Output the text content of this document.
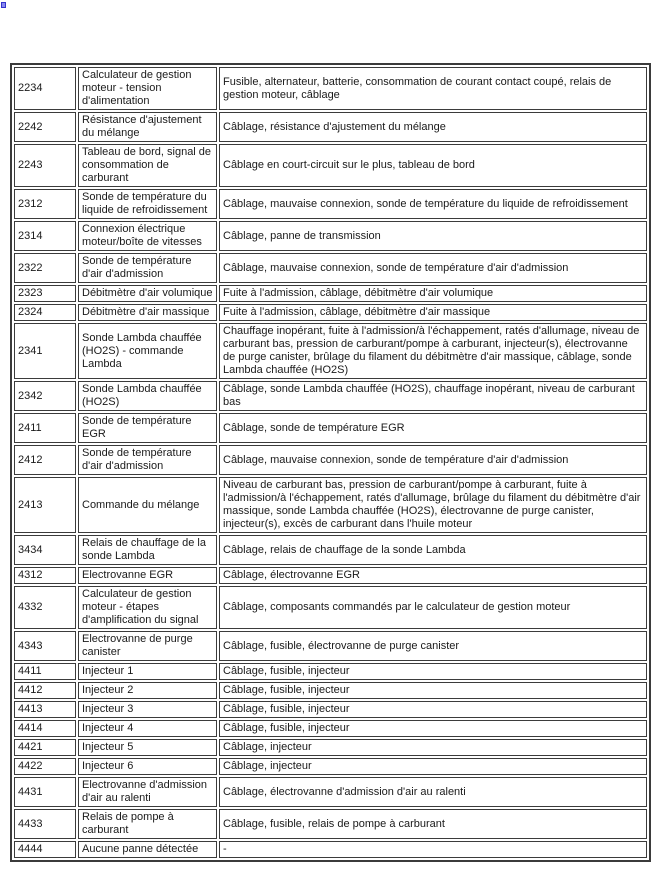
2234	Calculateur de gestion moteur - tension d'alimentation	Fusible, alternateur, batterie, consommation de courant contact coupé, relais de gestion moteur, câblage
2242	Résistance d'ajustement du mélange	Câblage, résistance d'ajustement du mélange
2243	Tableau de bord, signal de consommation de carburant	Câblage en court-circuit sur le plus, tableau de bord
2312	Sonde de température du liquide de refroidissement	Câblage, mauvaise connexion, sonde de température du liquide de refroidissement
2314	Connexion électrique moteur/boîte de vitesses	Câblage, panne de transmission
2322	Sonde de température d'air d'admission	Câblage, mauvaise connexion, sonde de température d'air d'admission
2323	Débitmètre d'air volumique	Fuite à l'admission, câblage, débitmètre d'air volumique
2324	Débitmètre d'air massique	Fuite à l'admission, câblage, débitmètre d'air massique
2341	Sonde Lambda chauffée (HO2S) - commande Lambda	Chauffage inopérant, fuite à l'admission/à l'échappement, ratés d'allumage, niveau de carburant bas, pression de carburant/pompe à carburant, injecteur(s), électrovanne de purge canister, brûlage du filament du débitmètre d'air massique, câblage, sonde Lambda chauffée (HO2S)
2342	Sonde Lambda chauffée (HO2S)	Câblage, sonde Lambda chauffée (HO2S), chauffage inopérant, niveau de carburant bas
2411	Sonde de température EGR	Câblage, sonde de température EGR
2412	Sonde de température d'air d'admission	Câblage, mauvaise connexion, sonde de température d'air d'admission
2413	Commande du mélange	Niveau de carburant bas, pression de carburant/pompe à carburant, fuite à l'admission/à l'échappement, ratés d'allumage, brûlage du filament du débitmètre d'air massique, sonde Lambda chauffée (HO2S), électrovanne de purge canister, injecteur(s), excès de carburant dans l'huile moteur
3434	Relais de chauffage de la sonde Lambda	Câblage, relais de chauffage de la sonde Lambda
4312	Electrovanne EGR	Câblage, électrovanne EGR
4332	Calculateur de gestion moteur - étapes d'amplification du signal	Câblage, composants commandés par le calculateur de gestion moteur
4343	Electrovanne de purge canister	Câblage, fusible, électrovanne de purge canister
4411	Injecteur 1	Câblage, fusible, injecteur
4412	Injecteur 2	Câblage, fusible, injecteur
4413	Injecteur 3	Câblage, fusible, injecteur
4414	Injecteur 4	Câblage, fusible, injecteur
4421	Injecteur 5	Câblage, injecteur
4422	Injecteur 6	Câblage, injecteur
4431	Electrovanne d'admission d'air au ralenti	Câblage, électrovanne d'admission d'air au ralenti
4433	Relais de pompe à carburant	Câblage, fusible, relais de pompe à carburant
4444	Aucune panne détectée	-
